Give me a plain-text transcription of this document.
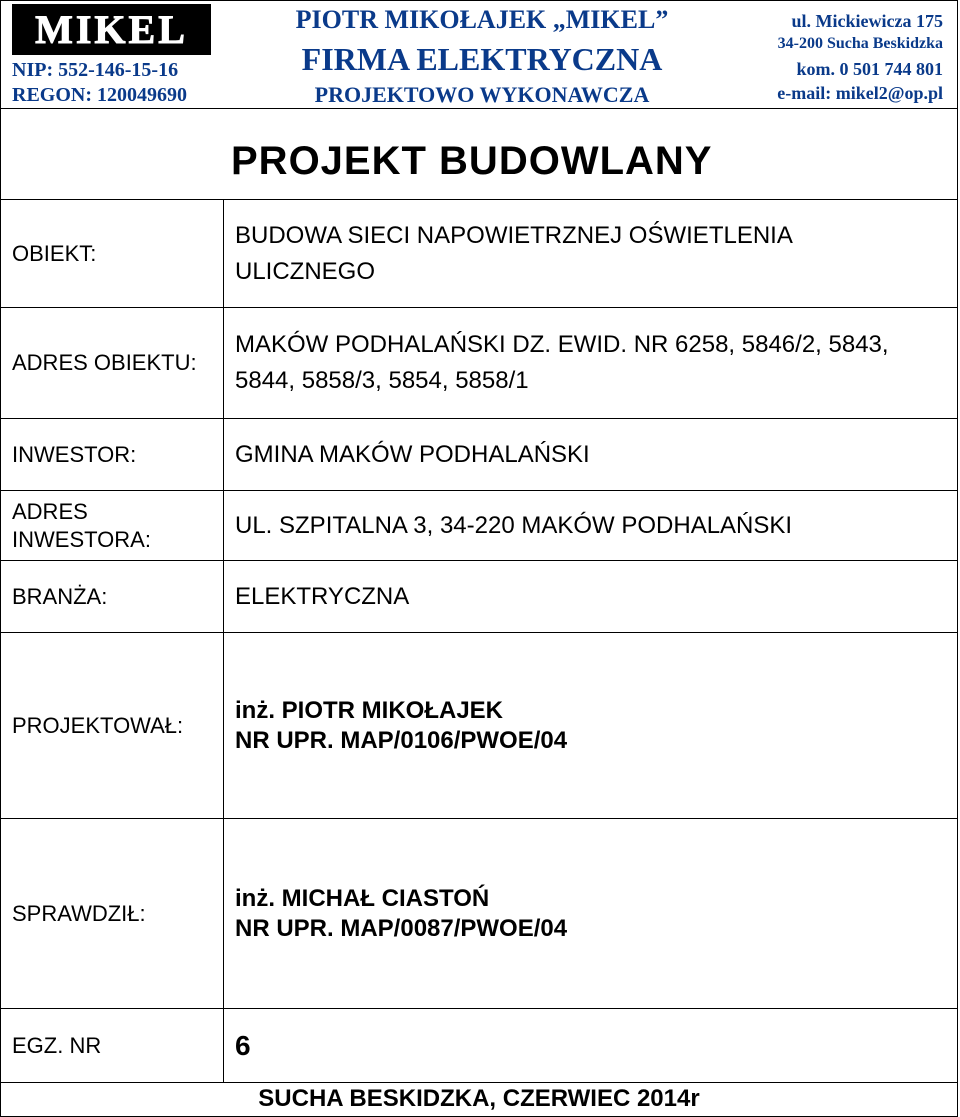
MIKEL
NIP: 552-146-15-16
REGON: 120049690
PIOTR MIKOŁAJEK „MIKEL”
FIRMA ELEKTRYCZNA
PROJEKTOWO WYKONAWCZA
ul. Mickiewicza 175
34-200 Sucha Beskidzka
kom. 0 501 744 801
e-mail: mikel2@op.pl
PROJEKT BUDOWLANY
OBIEKT:	BUDOWA SIECI NAPOWIETRZNEJ OŚWIETLENIA ULICZNEGO
ADRES OBIEKTU:	MAKÓW PODHALAŃSKI DZ. EWID. NR 6258, 5846/2, 5843, 5844, 5858/3, 5854, 5858/1
INWESTOR:	GMINA MAKÓW PODHALAŃSKI
ADRES INWESTORA:	UL. SZPITALNA 3, 34-220 MAKÓW PODHALAŃSKI
BRANŻA:	ELEKTRYCZNA
PROJEKTOWAŁ:	inż. PIOTR MIKOŁAJEK
NR UPR. MAP/0106/PWOE/04

SPRAWDZIŁ:	inż. MICHAŁ CIASTOŃ
NR UPR. MAP/0087/PWOE/04

EGZ. NR	6
SUCHA BESKIDZKA, CZERWIEC 2014r
